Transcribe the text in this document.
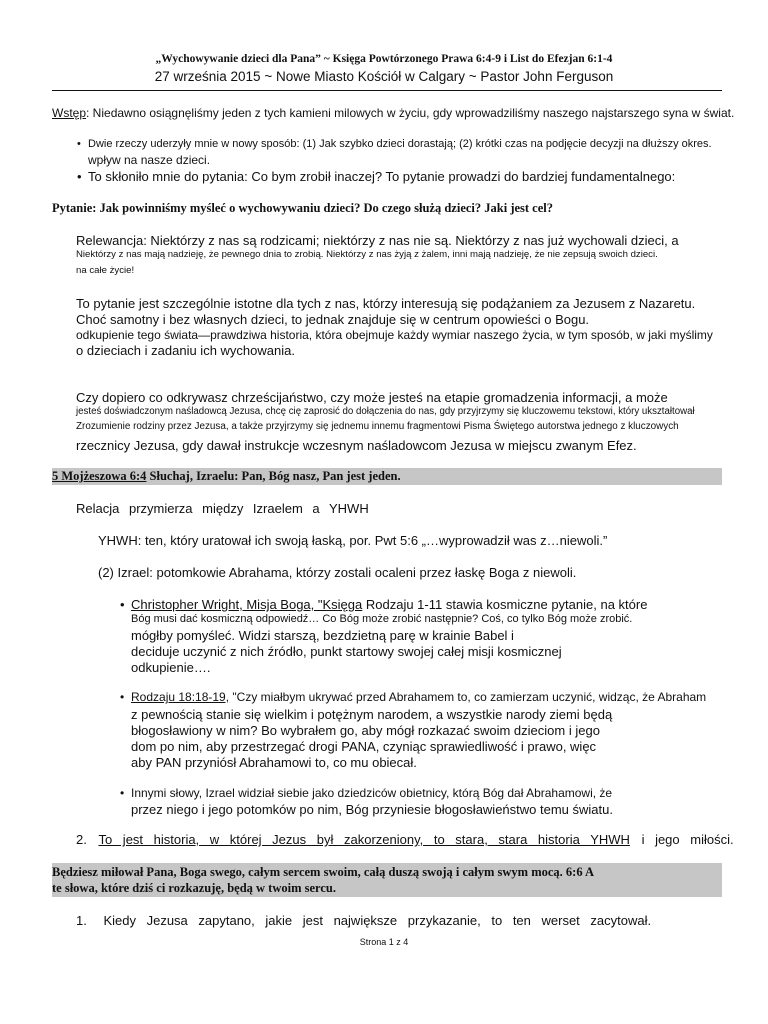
„Wychowywanie dzieci dla Pana” ~ Księga Powtórzonego Prawa 6:4-9 i List do Efezjan 6:1-4
27 września 2015 ~ Nowe Miasto Kościół w Calgary ~ Pastor John Ferguson
Wstęp: Niedawno osiągnęliśmy jeden z tych kamieni milowych w życiu, gdy wprowadziliśmy naszego najstarszego syna w świat.
• Dwie rzeczy uderzyły mnie w nowy sposób: (1) Jak szybko dzieci dorastają; (2) krótki czas na podjęcie decyzji na dłuższy okres.
wpływ na nasze dzieci.
• To skłoniło mnie do pytania: Co bym zrobił inaczej? To pytanie prowadzi do bardziej fundamentalnego:
Pytanie: Jak powinniśmy myśleć o wychowywaniu dzieci? Do czego służą dzieci? Jaki jest cel?
Relewancja: Niektórzy z nas są rodzicami; niektórzy z nas nie są. Niektórzy z nas już wychowali dzieci, a
Niektórzy z nas mają nadzieję, że pewnego dnia to zrobią. Niektórzy z nas żyją z żalem, inni mają nadzieję, że nie zepsują swoich dzieci.
na całe życie!
To pytanie jest szczególnie istotne dla tych z nas, którzy interesują się podążaniem za Jezusem z Nazaretu.
Choć samotny i bez własnych dzieci, to jednak znajduje się w centrum opowieści o Bogu.
odkupienie tego świata—prawdziwa historia, która obejmuje każdy wymiar naszego życia, w tym sposób, w jaki myślimy
o dzieciach i zadaniu ich wychowania.
Czy dopiero co odkrywasz chrześcijaństwo, czy może jesteś na etapie gromadzenia informacji, a może
jesteś doświadczonym naśladowcą Jezusa, chcę cię zaprosić do dołączenia do nas, gdy przyjrzymy się kluczowemu tekstowi, który ukształtował
Zrozumienie rodziny przez Jezusa, a także przyjrzymy się jednemu innemu fragmentowi Pisma Świętego autorstwa jednego z kluczowych
rzecznicy Jezusa, gdy dawał instrukcje wczesnym naśladowcom Jezusa w miejscu zwanym Efez.
5 Mojżeszowa 6:4 Słuchaj, Izraelu: Pan, Bóg nasz, Pan jest jeden.
Relacja przymierza między Izraelem a YHWH
YHWH: ten, który uratował ich swoją łaską, por. Pwt 5:6 „…wyprowadził was z…niewoli.”
(2) Izrael: potomkowie Abrahama, którzy zostali ocaleni przez łaskę Boga z niewoli.
• Christopher Wright, Misja Boga, "Księga Rodzaju 1-11 stawia kosmiczne pytanie, na które
Bóg musi dać kosmiczną odpowiedź… Co Bóg może zrobić następnie? Coś, co tylko Bóg może zrobić.
mógłby pomyśleć. Widzi starszą, bezdzietną parę w krainie Babel i
deciduje uczynić z nich źródło, punkt startowy swojej całej misji kosmicznej
odkupienie….
• Rodzaju 18:18-19, "Czy miałbym ukrywać przed Abrahamem to, co zamierzam uczynić, widząc, że Abraham
z pewnością stanie się wielkim i potężnym narodem, a wszystkie narody ziemi będą
błogosławiony w nim? Bo wybrałem go, aby mógł rozkazać swoim dzieciom i jego
dom po nim, aby przestrzegać drogi PANA, czyniąc sprawiedliwość i prawo, więc
aby PAN przyniósł Abrahamowi to, co mu obiecał.
• Innymi słowy, Izrael widział siebie jako dziedziców obietnicy, którą Bóg dał Abrahamowi, że
przez niego i jego potomków po nim, Bóg przyniesie błogosławieństwo temu światu.
2. To jest historia, w której Jezus był zakorzeniony, to stara, stara historia YHWH i jego miłości.
Będziesz miłował Pana, Boga swego, całym sercem swoim, całą duszą swoją i całym swym mocą. 6:6 A
te słowa, które dziś ci rozkazuję, będą w twoim sercu.
1. Kiedy Jezusa zapytano, jakie jest największe przykazanie, to ten werset zacytował.
Strona 1 z 4
